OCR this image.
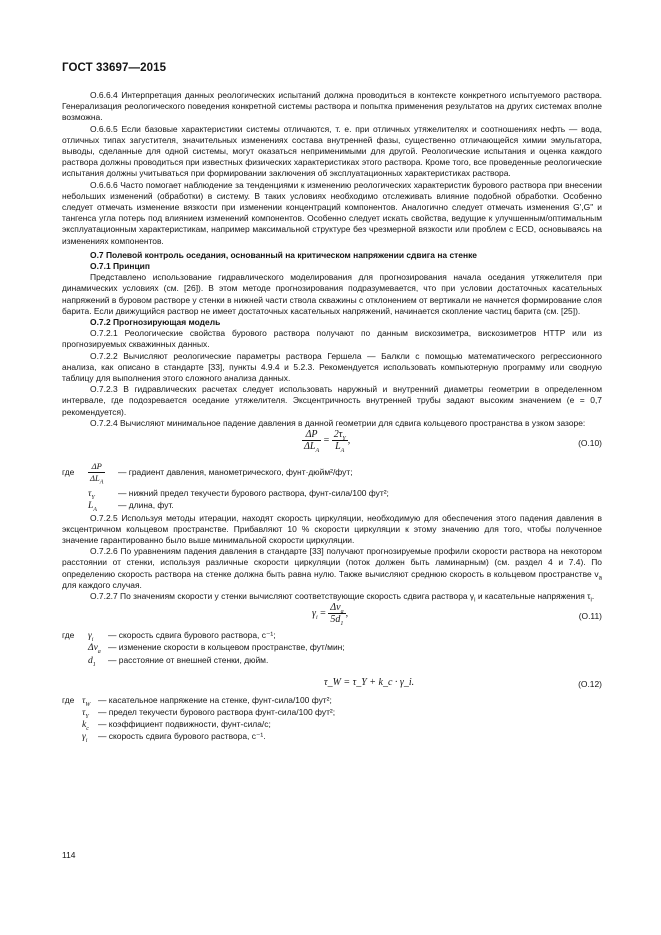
ГОСТ 33697—2015

О.6.6.4 Интерпретация данных реологических испытаний должна проводиться в контексте конкретного испытуемого раствора. Генерализация реологического поведения конкретной системы раствора и попытка применения результатов на других системах вполне возможна.

О.6.6.5 Если базовые характеристики системы отличаются, т. е. при отличных утяжелителях и соотношениях нефть — вода, отличных типах загустителя, значительных изменениях состава внутренней фазы, существенно отличающейся химии эмульгатора, выводы, сделанные для одной системы, могут оказаться неприменимыми для другой. Реологические испытания и оценка каждого раствора должны проводиться при известных физических характеристиках этого раствора. Кроме того, все проведенные реологические испытания должны учитываться при формировании заключения об эксплуатационных характеристиках раствора.

О.6.6.6 Часто помогает наблюдение за тенденциями к изменению реологических характеристик бурового раствора при внесении небольших изменений (обработки) в систему. В таких условиях необходимо отслеживать влияние подобной обработки. Особенно следует отмечать изменение вязкости при изменении концентраций компонентов. Аналогично следует отмечать изменения G',G" и тангенса угла потерь под влиянием изменений компонентов. Особенно следует искать свойства, ведущие к улучшенным/оптимальным эксплуатационным характеристикам, например максимальной структуре без чрезмерной вязкости или проблем с ECD, основываясь на изменениях компонентов.

О.7 Полевой контроль оседания, основанный на критическом напряжении сдвига на стенке
О.7.1 Принцип

Представлено использование гидравлического моделирования для прогнозирования начала оседания утяжелителя при динамических условиях (см. [26]). В этом методе прогнозирования подразумевается, что при условии достаточных касательных напряжений в буровом растворе у стенки в нижней части ствола скважины с отклонением от вертикали не начнется формирование слоя барита. Если движущийся раствор не имеет достаточных касательных напряжений, начинается скопление частиц барита (см. [25]).

О.7.2 Прогнозирующая модель

О.7.2.1 Реологические свойства бурового раствора получают по данным вискозиметра, вискозиметров HTTP или из прогнозируемых скважинных данных.

О.7.2.2 Вычисляют реологические параметры раствора Гершела — Балкли с помощью математического регрессионного анализа, как описано в стандарте [33], пункты 4.9.4 и 5.2.3. Рекомендуется использовать компьютерную программу или сводную таблицу для выполнения этого сложного анализа данных.

О.7.2.3 В гидравлических расчетах следует использовать наружный и внутренний диаметры геометрии в определенном интервале, где подозревается оседание утяжелителя. Эксцентричность внутренней трубы задают высоким значением (е = 0,7 рекомендуется).

О.7.2.4 Вычисляют минимальное падение давления в данной геометрии для сдвига кольцевого пространства в узком зазоре:

$\frac{\Delta P}{\Delta L_A} = \frac{2\tau_Y}{L_A}$ ,	(О.10)
где	$\frac{\Delta P}{\Delta L_A}$ — градиент давления, манометрического, фунт·дюйм²/фут;
$\tau_Y$	— нижний предел текучести бурового раствора, фунт-сила/100 фут²;
$L_A$	— длина, фут.

О.7.2.5 Используя методы итерации, находят скорость циркуляции, необходимую для обеспечения этого падения давления в эксцентричном кольцевом пространстве. Прибавляют 10 % скорости циркуляции к этому значению для того, чтобы полученное значение гарантированно было выше минимальной скорости циркуляции.

О.7.2.6 По уравнениям падения давления в стандарте [33] получают прогнозируемые профили скорости раствора на некотором расстоянии от стенки, используя различные скорости циркуляции (поток должен быть ламинарным) (см. раздел 4 и 7.4). По определению скорость раствора на стенке должна быть равна нулю. Также вычисляют среднюю скорость в кольцевом пространстве $v_a$ для каждого случая.

О.7.2.7 По значениям скорости у стенки вычисляют соответствующие скорость сдвига раствора $\gamma_i$ и касательные напряжения $\tau_i$.

$\gamma_i = \frac{\Delta v_a}{5d_1}$ ,	(О.11)
где	$\gamma_i$	— скорость сдвига бурового раствора, с⁻¹;
$\Delta v_a$ — изменение скорости в кольцевом пространстве, фут/мин;
$d_1$	— расстояние от внешней стенки, дюйм.
τ_W = τ_Y + k_c · γ_i.	(О.12)
где $\tau_W$ — касательное напряжение на стенке, фунт-сила/100 фут²;
$\tau_Y$	— предел текучести бурового раствора фунт-сила/100 фут²;
$k_c$	— коэффициент подвижности, фунт-сила/с;
$\gamma_i$	— скорость сдвига бурового раствора, с⁻¹.
114
